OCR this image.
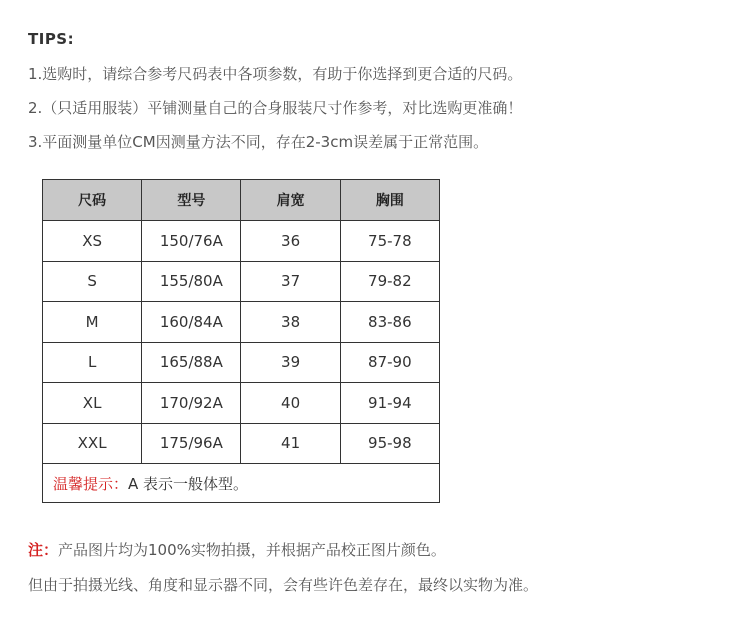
TIPS:
1.选购时，请综合参考尺码表中各项参数，有助于你选择到更合适的尺码。
2.（只适用服装）平铺测量自己的合身服装尺寸作参考，对比选购更准确！
3.平面测量单位CM因测量方法不同，存在2-3cm误差属于正常范围。
尺码	型号	肩宽	胸围
XS	150/76A	36	75-78
S	155/80A	37	79-82
M	160/84A	38	83-86
L	165/88A	39	87-90
XL	170/92A	40	91-94
XXL	175/96A	41	95-98
温馨提示：A 表示一般体型。			
注：产品图片均为100%实物拍摄，并根据产品校正图片颜色。
但由于拍摄光线、角度和显示器不同，会有些许色差存在，最终以实物为准。
